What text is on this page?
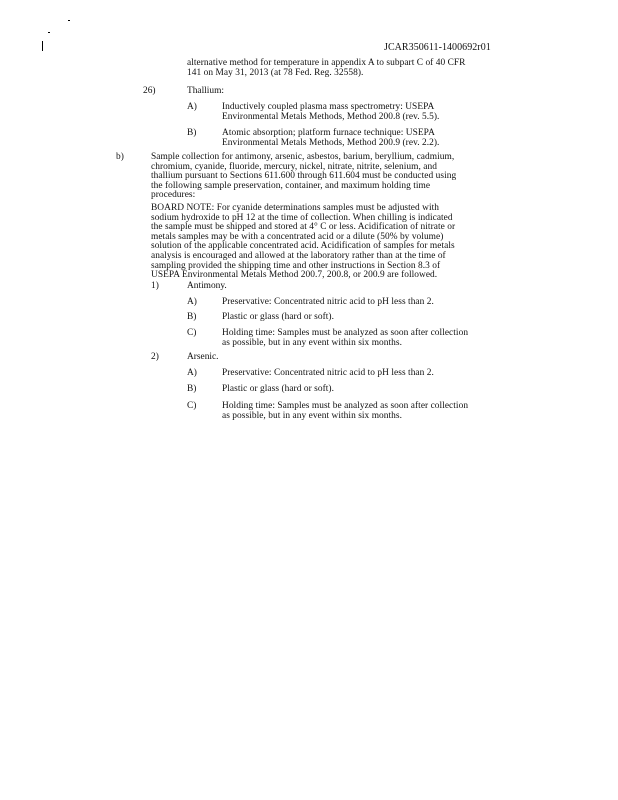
JCAR350611-1400692r01
alternative method for temperature in appendix A to subpart C of 40 CFR
141 on May 31, 2013 (at 78 Fed. Reg. 32558).
26)	Thallium:
A)	Inductively coupled plasma mass spectrometry: USEPA
Environmental Metals Methods, Method 200.8 (rev. 5.5).
B)	Atomic absorption; platform furnace technique: USEPA
Environmental Metals Methods, Method 200.9 (rev. 2.2).
b)	Sample collection for antimony, arsenic, asbestos, barium, beryllium, cadmium,
chromium, cyanide, fluoride, mercury, nickel, nitrate, nitrite, selenium, and
thallium pursuant to Sections 611.600 through 611.604 must be conducted using
the following sample preservation, container, and maximum holding time
procedures:
BOARD NOTE: For cyanide determinations samples must be adjusted with
sodium hydroxide to pH 12 at the time of collection. When chilling is indicated
the sample must be shipped and stored at 4° C or less. Acidification of nitrate or
metals samples may be with a concentrated acid or a dilute (50% by volume)
solution of the applicable concentrated acid. Acidification of samples for metals
analysis is encouraged and allowed at the laboratory rather than at the time of
sampling provided the shipping time and other instructions in Section 8.3 of
USEPA Environmental Metals Method 200.7, 200.8, or 200.9 are followed.
1)	Antimony.
A)	Preservative: Concentrated nitric acid to pH less than 2.
B)	Plastic or glass (hard or soft).
C)	Holding time: Samples must be analyzed as soon after collection
as possible, but in any event within six months.
2)	Arsenic.
A)	Preservative: Concentrated nitric acid to pH less than 2.
B)	Plastic or glass (hard or soft).
C)	Holding time: Samples must be analyzed as soon after collection
as possible, but in any event within six months.
